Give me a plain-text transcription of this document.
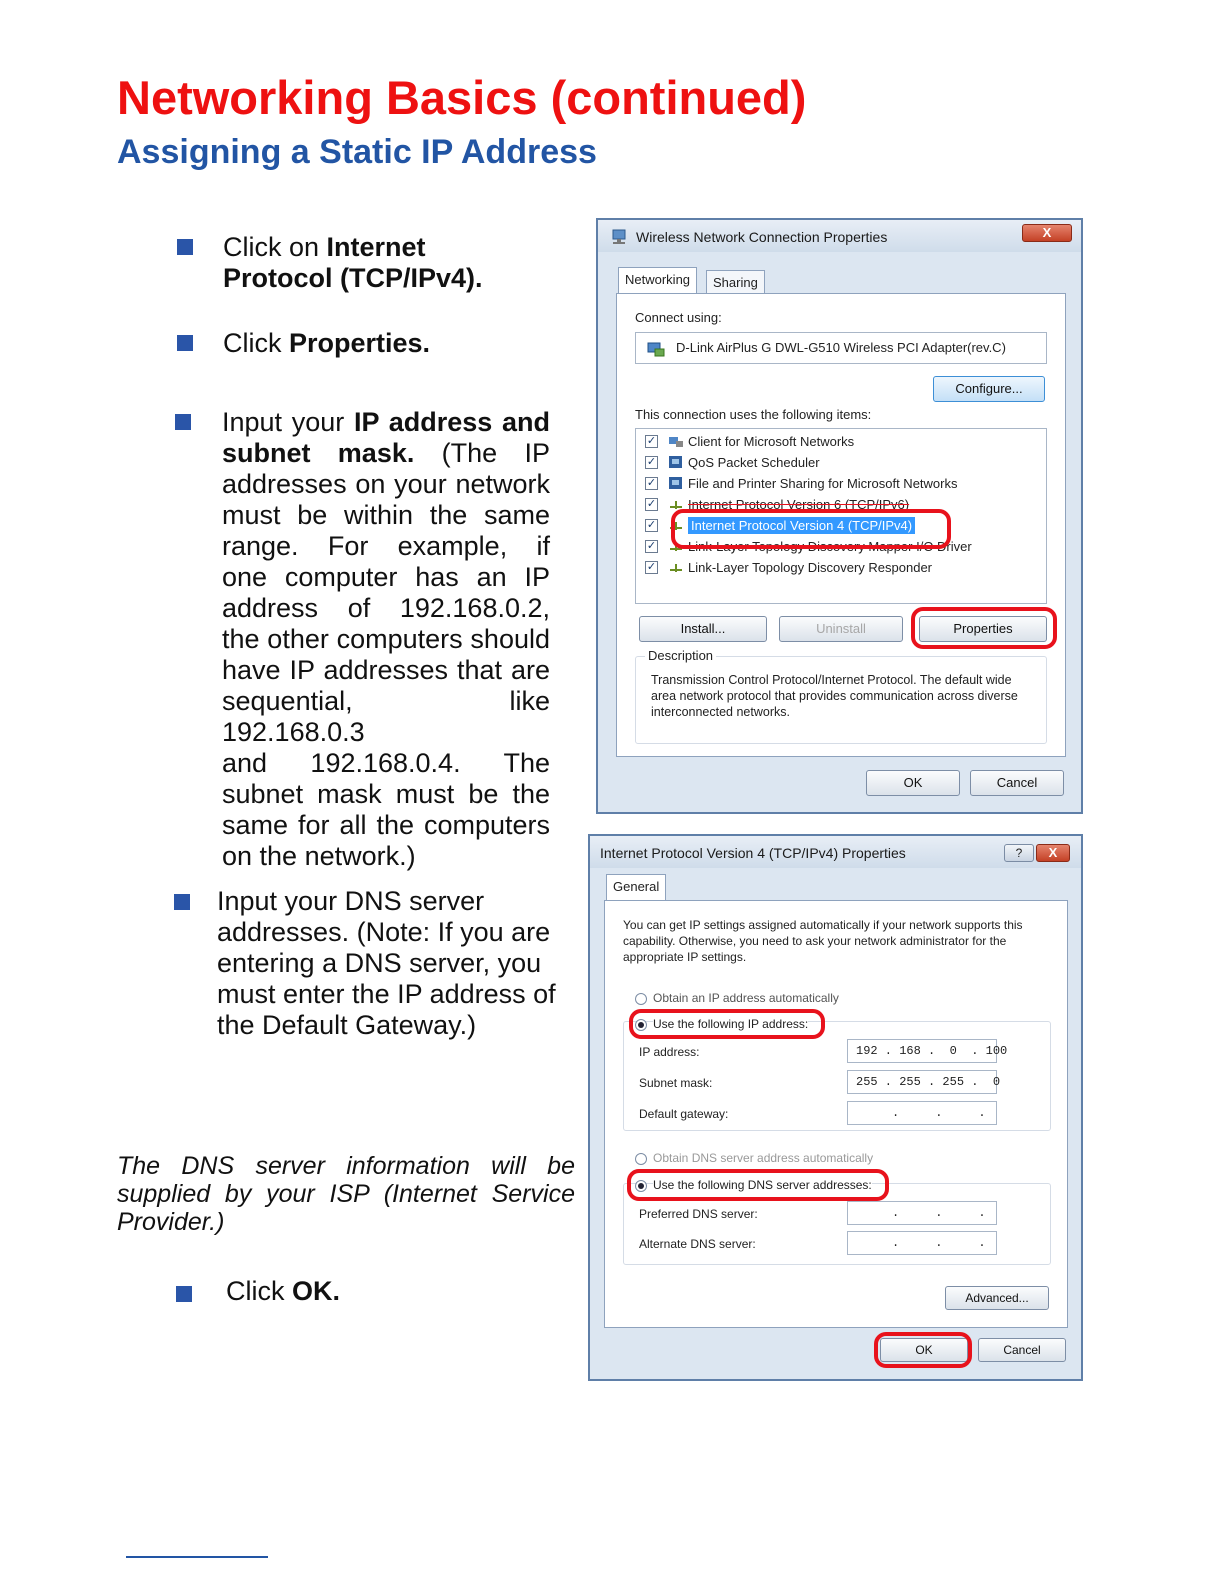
Networking Basics (continued)
Assigning a Static IP Address
Click on Internet
Protocol (TCP/IPv4).
Click Properties.
Input your IP address and
subnet mask. (The IP
addresses on your network
must be within the same
range. For example, if
one computer has an IP
address of 192.168.0.2,
the other computers should
have IP addresses that are
sequential, like 192.168.0.3
and 192.168.0.4. The
subnet mask must be the
same for all the computers
on the network.)
Input your DNS server
addresses. (Note: If you are
entering a DNS server, you
must enter the IP address of
the Default Gateway.)
The DNS server information will be supplied by your ISP (Internet Service Provider.)
Click OK.
Wireless Network Connection Properties	X
Networking	Sharing
Connect using:
D-Link AirPlus G DWL-G510 Wireless PCI Adapter(rev.C)
Configure...
This connection uses the following items:
✓ Client for Microsoft Networks
✓ QoS Packet Scheduler
✓ File and Printer Sharing for Microsoft Networks
✓ Internet Protocol Version 6 (TCP/IPv6)
✓	Internet Protocol Version 4 (TCP/IPv4)
✓ Link-Layer Topology Discovery Mapper I/O Driver
✓ Link-Layer Topology Discovery Responder
Install...	Uninstall	Properties
Description
Transmission Control Protocol/Internet Protocol. The default wide area network protocol that provides communication across diverse interconnected networks.
OK	Cancel
Internet Protocol Version 4 (TCP/IPv4) Properties	?	X
General
You can get IP settings assigned automatically if your network supports this capability. Otherwise, you need to ask your network administrator for the appropriate IP settings.
Obtain an IP address automatically
Use the following IP address:
IP address:	192 . 168 .  0  . 100
Subnet mask:	255 . 255 . 255 .  0
Default gateway:	.     .     .
Obtain DNS server address automatically
Use the following DNS server addresses:
Preferred DNS server:	.     .     .
Alternate DNS server:	.     .     .
Advanced...
OK	Cancel
